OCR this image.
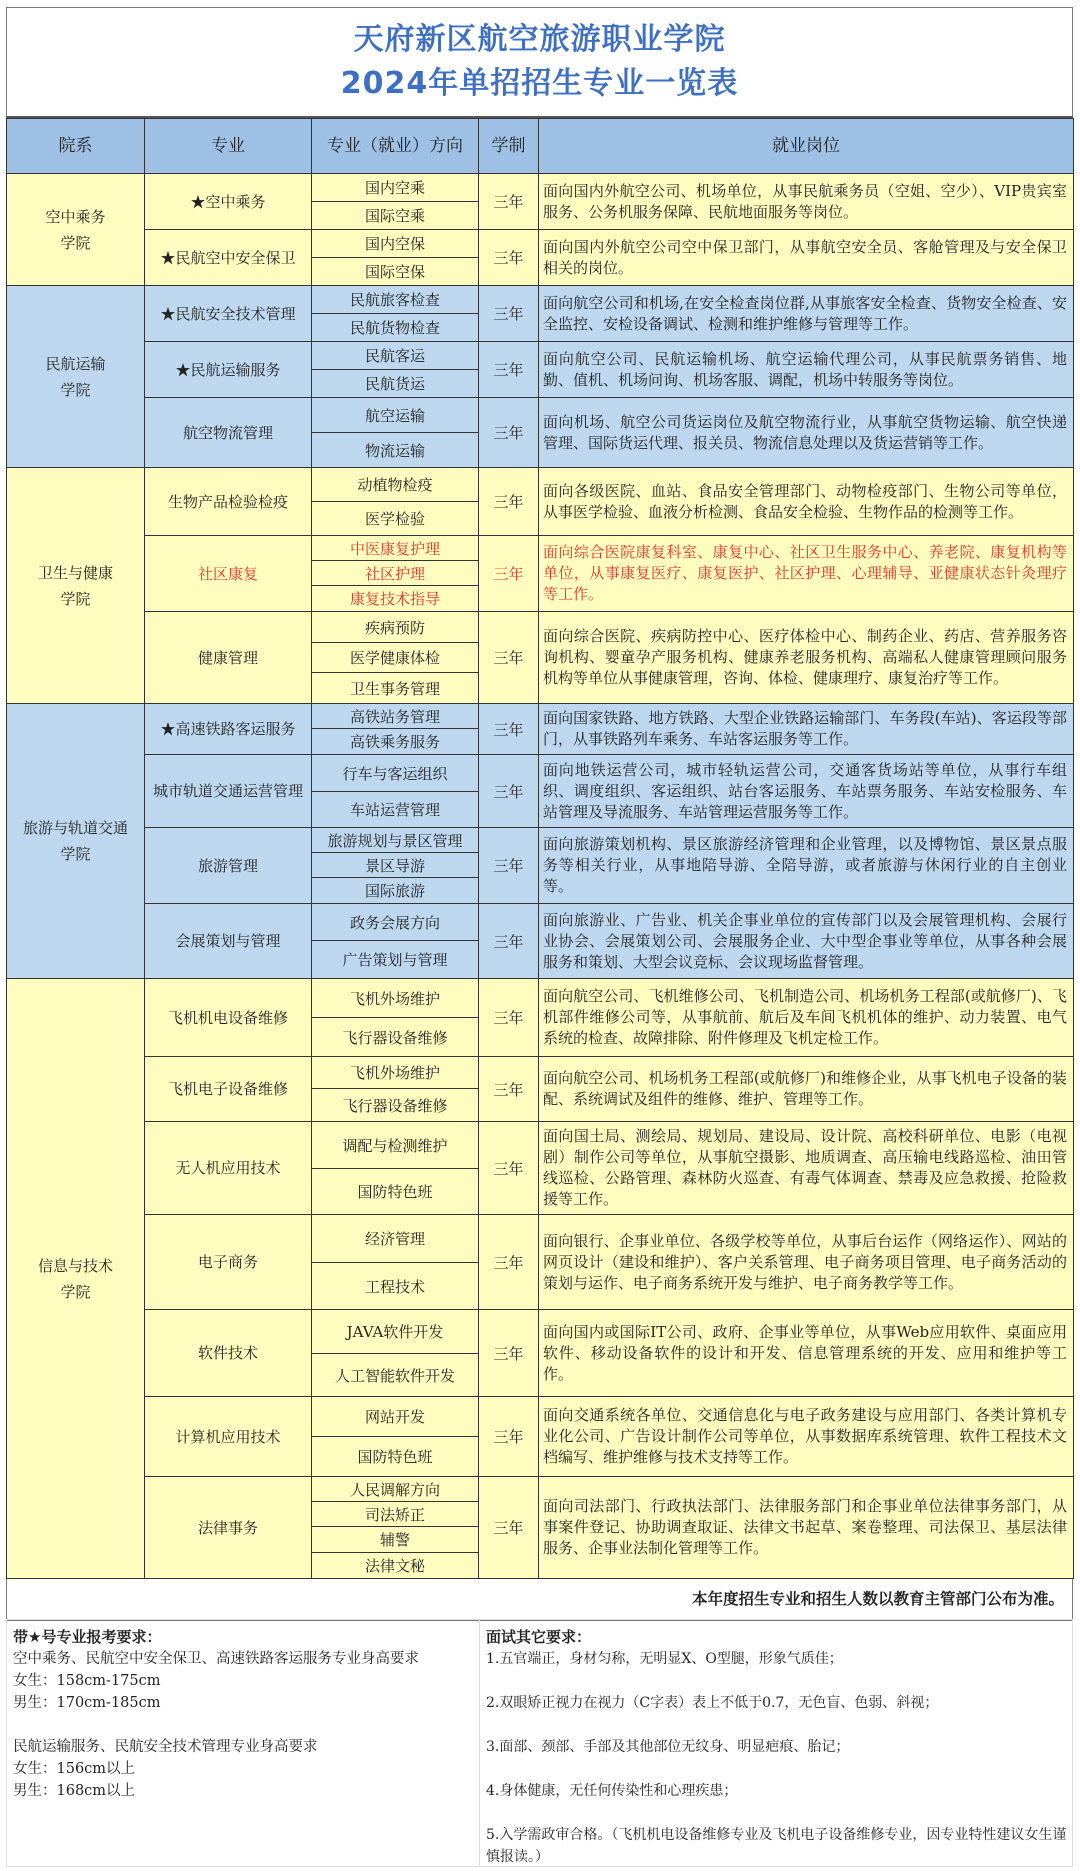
天府新区航空旅游职业学院
2024年单招招生专业一览表
院系	专业	专业（就业）方向	学制	就业岗位

空中乘务
学院	★空中乘务	国内空乘	三年	面向国内外航空公司、机场单位，从事民航乘务员（空姐、空少）、VIP贵宾室服务、公务机服务保障、民航地面服务等岗位。
		国际空乘		
	★民航空中安全保卫	国内空保	三年	面向国内外航空公司空中保卫部门，从事航空安全员、客舱管理及与安全保卫相关的岗位。
		国际空保		

民航运输
学院	★民航安全技术管理	民航旅客检查	三年	面向航空公司和机场,在安全检查岗位群,从事旅客安全检查、货物安全检查、安全监控、安检设备调试、检测和维护维修与管理等工作。
		民航货物检查		
	★民航运输服务	民航客运	三年	面向航空公司、民航运输机场、航空运输代理公司，从事民航票务销售、地勤、值机、机场问询、机场客服、调配，机场中转服务等岗位。
		民航货运		
	航空物流管理	航空运输	三年	面向机场、航空公司货运岗位及航空物流行业，从事航空货物运输、航空快递管理、国际货运代理、报关员、物流信息处理以及货运营销等工作。
		物流运输		

卫生与健康
学院	生物产品检验检疫	动植物检疫	三年	面向各级医院、血站、食品安全管理部门、动物检疫部门、生物公司等单位，从事医学检验、血液分析检测、食品安全检验、生物作品的检测等工作。
		医学检验		
	社区康复	中医康复护理	三年	面向综合医院康复科室、康复中心、社区卫生服务中心、养老院、康复机构等单位，从事康复医疗、康复医护、社区护理、心理辅导、亚健康状态针灸理疗等工作。
		社区护理		
		康复技术指导		
	健康管理	疾病预防	三年	面向综合医院、疾病防控中心、医疗体检中心、制药企业、药店、营养服务咨询机构、婴童孕产服务机构、健康养老服务机构、高端私人健康管理顾问服务机构等单位从事健康管理，咨询、体检、健康理疗、康复治疗等工作。
		医学健康体检		
		卫生事务管理		

旅游与轨道交通
学院	★高速铁路客运服务	高铁站务管理	三年	面向国家铁路、地方铁路、大型企业铁路运输部门、车务段(车站)、客运段等部门，从事铁路列车乘务、车站客运服务等工作。
		高铁乘务服务		
	城市轨道交通运营管理	行车与客运组织	三年	面向地铁运营公司，城市轻轨运营公司，交通客货场站等单位，从事行车组织、调度组织、客运组织、站台客运服务、车站票务服务、车站安检服务、车站管理及导流服务、车站管理运营服务等工作。
		车站运营管理		
	旅游管理	旅游规划与景区管理	三年	面向旅游策划机构、景区旅游经济管理和企业管理，以及博物馆、景区景点服务等相关行业，从事地陪导游、全陪导游，或者旅游与休闲行业的自主创业等。
		景区导游		
		国际旅游		
	会展策划与管理	政务会展方向	三年	面向旅游业、广告业、机关企事业单位的宣传部门以及会展管理机构、会展行业协会、会展策划公司、会展服务企业、大中型企事业等单位，从事各种会展服务和策划、大型会议竞标、会议现场监督管理。
		广告策划与管理		

信息与技术
学院	飞机机电设备维修	飞机外场维护	三年	面向航空公司、飞机维修公司、飞机制造公司、机场机务工程部(或航修厂)、飞机部件维修公司等，从事航前、航后及车间飞机机体的维护、动力装置、电气系统的检查、故障排除、附件修理及飞机定检工作。
		飞行器设备维修		
	飞机电子设备维修	飞机外场维护	三年	面向航空公司、机场机务工程部(或航修厂)和维修企业，从事飞机电子设备的装配、系统调试及组件的维修、维护、管理等工作。
		飞行器设备维修		
	无人机应用技术	调配与检测维护	三年	面向国土局、测绘局、规划局、建设局、设计院、高校科研单位、电影（电视剧）制作公司等单位，从事航空摄影、地质调查、高压输电线路巡检、油田管线巡检、公路管理、森林防火巡查、有毒气体调查、禁毒及应急救援、抢险救援等工作。
		国防特色班		
	电子商务	经济管理	三年	面向银行、企事业单位、各级学校等单位，从事后台运作（网络运作）、网站的网页设计（建设和维护）、客户关系管理、电子商务项目管理、电子商务活动的策划与运作、电子商务系统开发与维护、电子商务教学等工作。
		工程技术		
	软件技术	JAVA软件开发	三年	面向国内或国际IT公司、政府、企事业等单位，从事Web应用软件、桌面应用软件、移动设备软件的设计和开发、信息管理系统的开发、应用和维护等工作。
		人工智能软件开发		
	计算机应用技术	网站开发	三年	面向交通系统各单位、交通信息化与电子政务建设与应用部门、各类计算机专业化公司、广告设计制作公司等单位，从事数据库系统管理、软件工程技术文档编写、维护维修与技术支持等工作。
		国防特色班		
	法律事务	人民调解方向	三年	面向司法部门、行政执法部门、法律服务部门和企事业单位法律事务部门，从事案件登记、协助调查取证、法律文书起草、案卷整理、司法保卫、基层法律服务、企事业法制化管理等工作。
		司法矫正		
		辅警		
		法律文秘		
本年度招生专业和招生人数以教育主管部门公布为准。
带★号专业报考要求：
空中乘务、民航空中安全保卫、高速铁路客运服务专业身高要求
女生：158cm-175cm
男生：170cm-185cm
民航运输服务、民航安全技术管理专业身高要求
女生：156cm以上
男生：168cm以上
面试其它要求：
1.五官端正，身材匀称，无明显X、O型腿，形象气质佳；
2.双眼矫正视力在视力（C字表）表上不低于0.7，无色盲、色弱、斜视；
3.面部、颈部、手部及其他部位无纹身、明显疤痕、胎记；
4.身体健康，无任何传染性和心理疾患；
5.入学需政审合格。（飞机机电设备维修专业及飞机电子设备维修专业，因专业特性建议女生谨慎报读。）
